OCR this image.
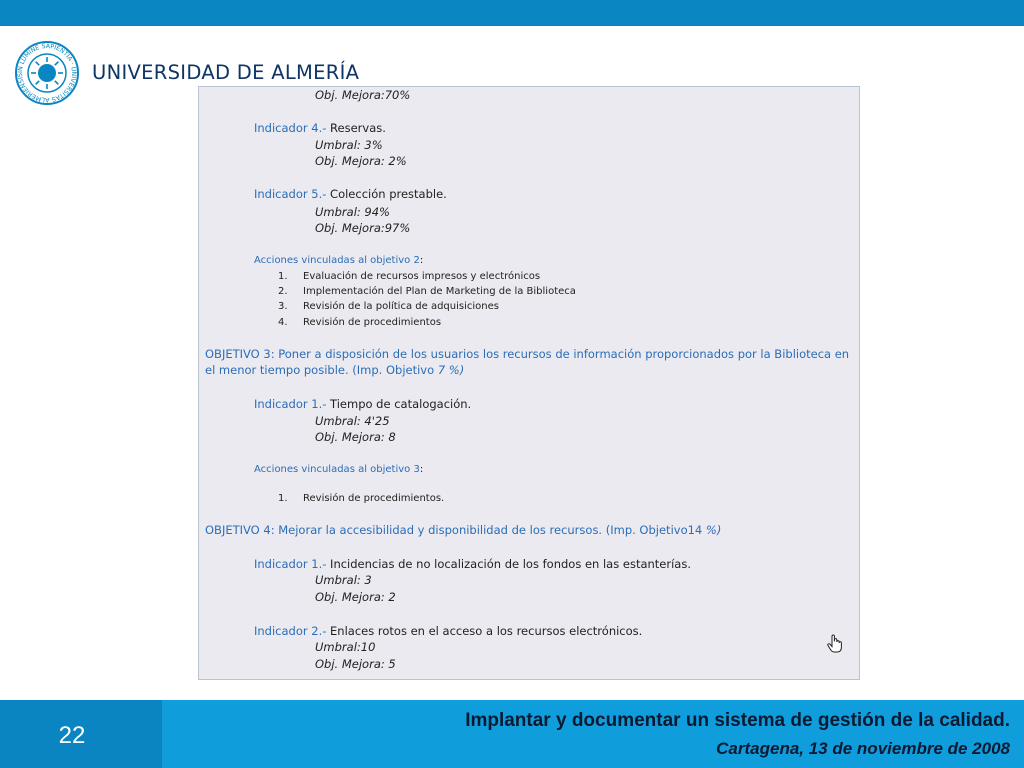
IN LUMINE SAPIENTIA · UNIVERSITAS ALMERIENSIS	UNIVERSIDAD DE ALMERÍA
Obj. Mejora:70%
Indicador 4.- Reservas.
Umbral: 3%
Obj. Mejora: 2%
Indicador 5.- Colección prestable.
Umbral: 94%
Obj. Mejora:97%
Acciones vinculadas al objetivo 2:
1. Evaluación de recursos impresos y electrónicos
2. Implementación del Plan de Marketing de la Biblioteca
3. Revisión de la política de adquisiciones
4. Revisión de procedimientos
OBJETIVO 3: Poner a disposición de los usuarios los recursos de información proporcionados por la Biblioteca en
el menor tiempo posible. (Imp. Objetivo 7 %)
Indicador 1.- Tiempo de catalogación.
Umbral: 4'25
Obj. Mejora: 8
Acciones vinculadas al objetivo 3:
1. Revisión de procedimientos.
OBJETIVO 4: Mejorar la accesibilidad y disponibilidad de los recursos. (Imp. Objetivo14 %)
Indicador 1.- Incidencias de no localización de los fondos en las estanterías.
Umbral: 3
Obj. Mejora: 2
Indicador 2.- Enlaces rotos en el acceso a los recursos electrónicos.
Umbral:10
Obj. Mejora: 5
22
Implantar y documentar un sistema de gestión de la calidad.
Cartagena, 13 de noviembre de 2008
